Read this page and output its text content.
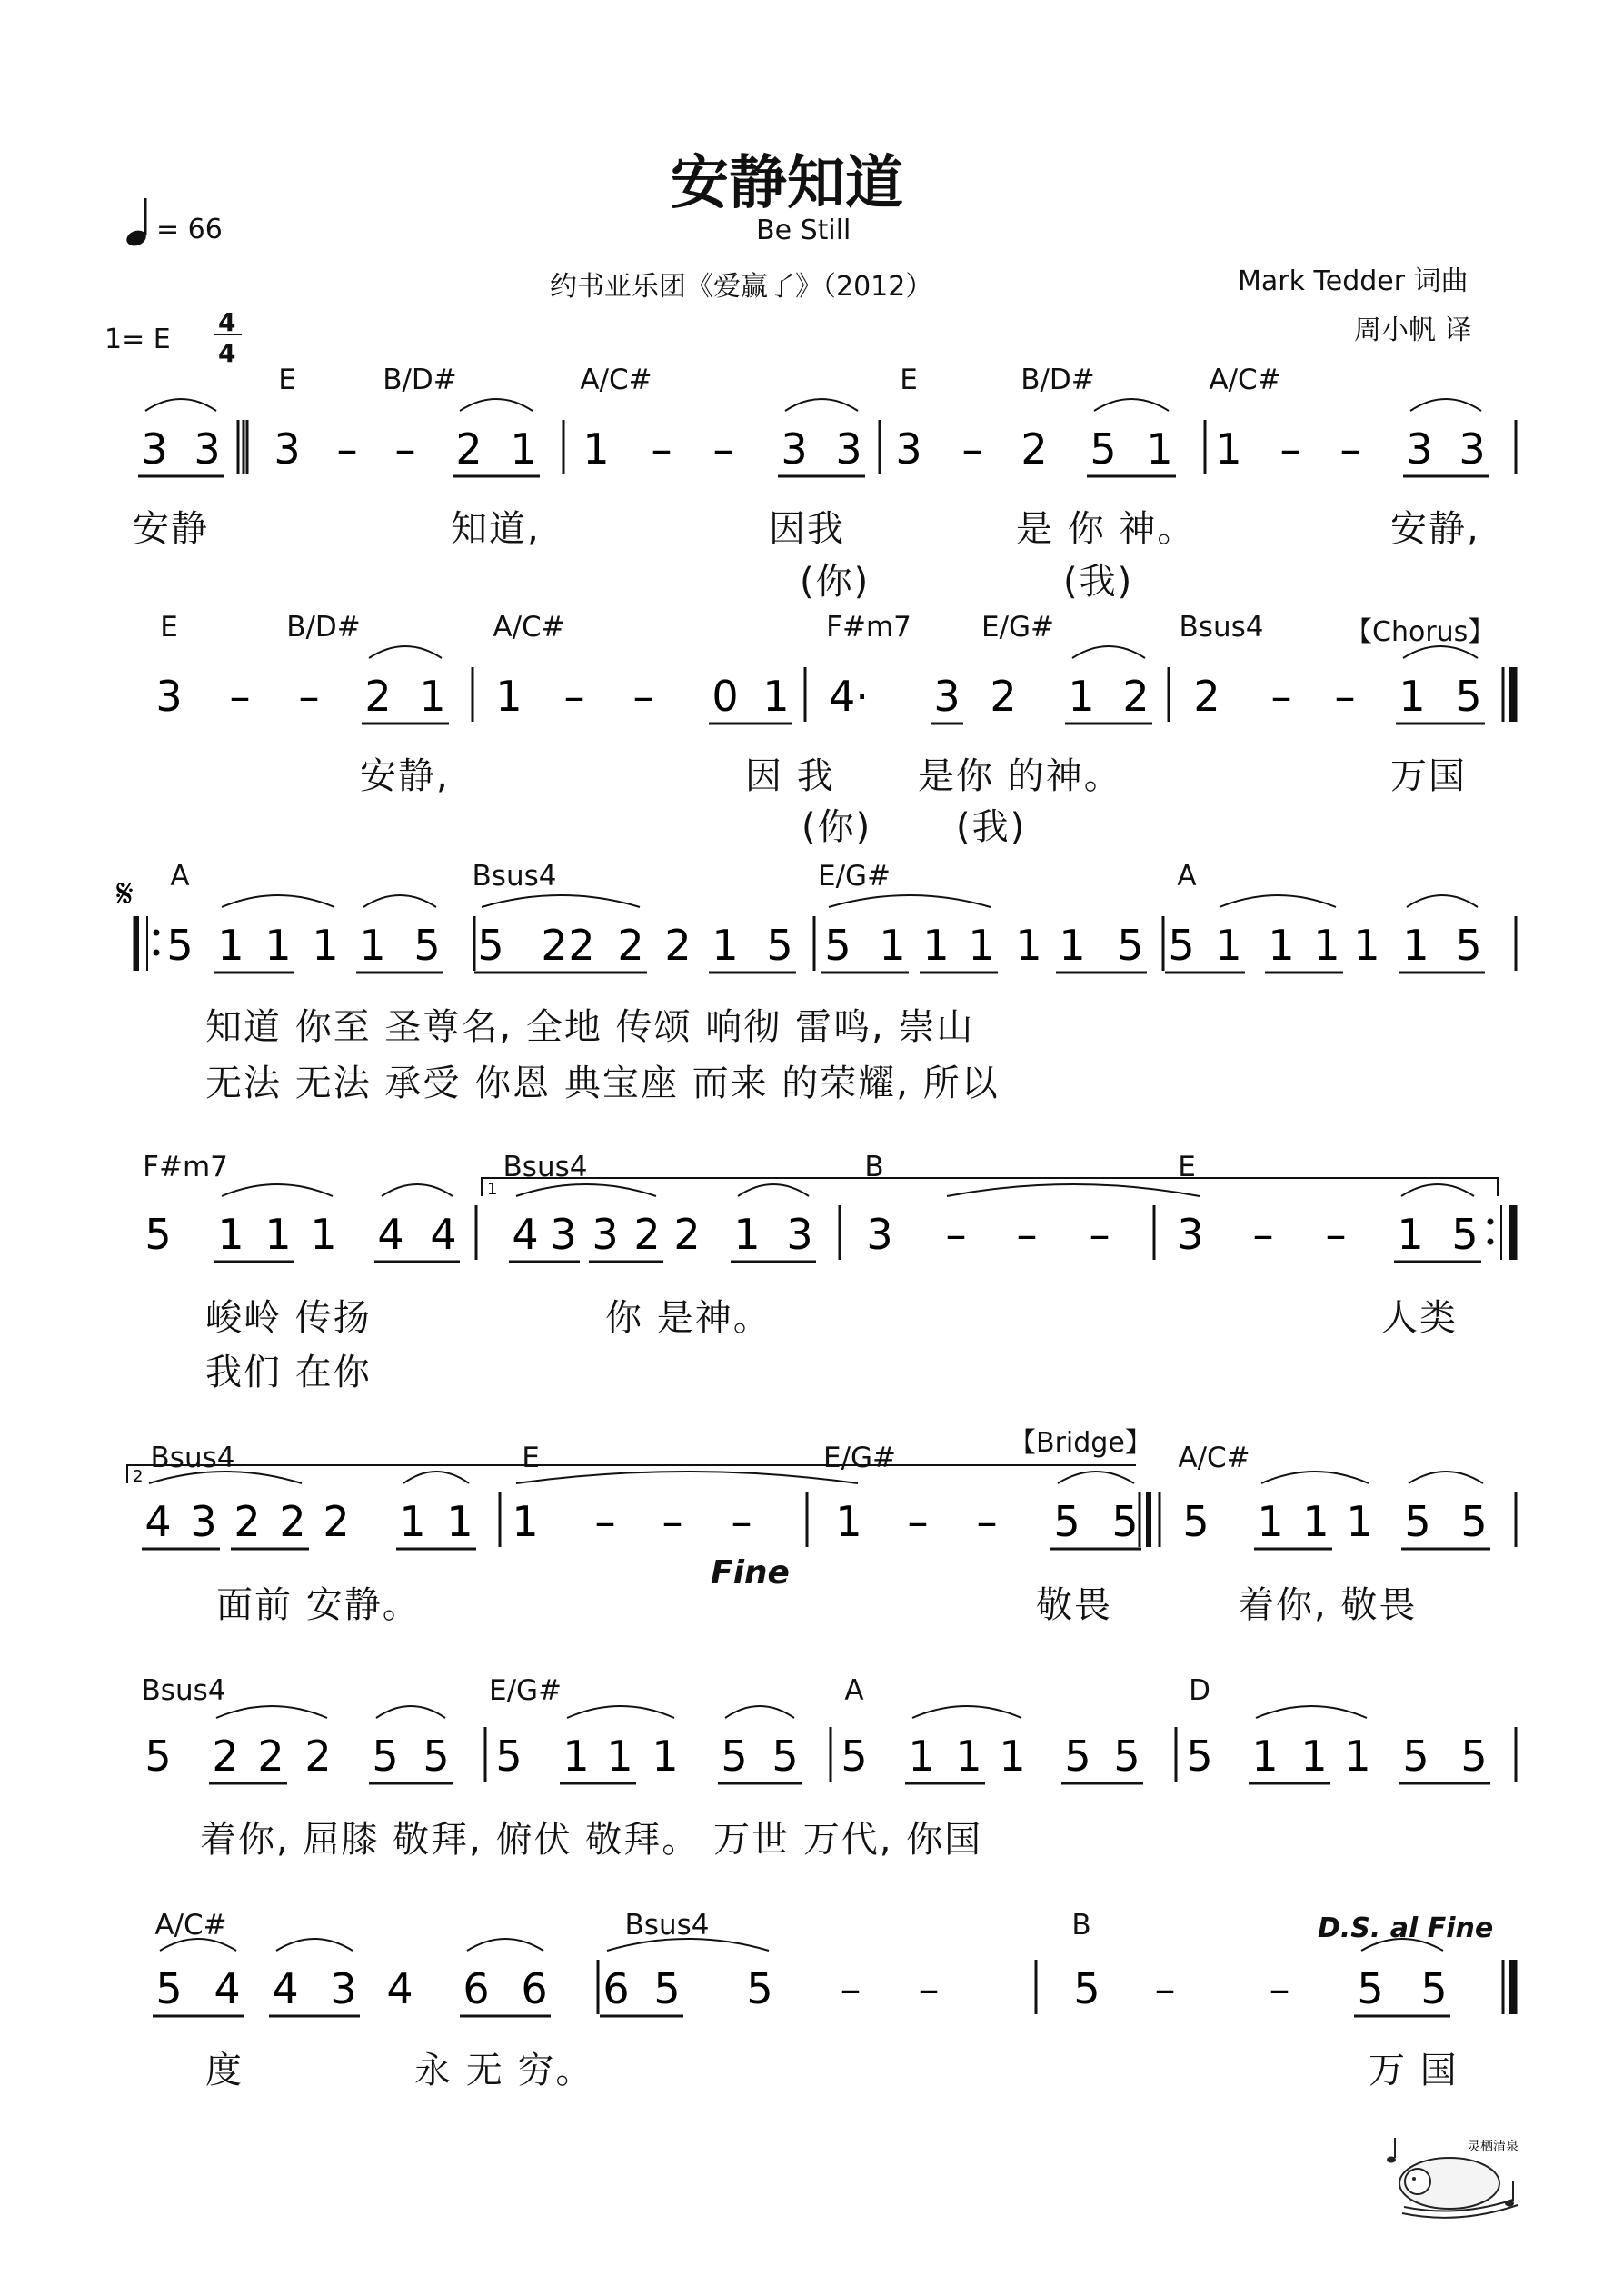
安静知道
Be Still
约书亚乐团《爱赢了》（2012）	Mark Tedder 词曲
周小帆 译
= 66
1= E
4
4
【Chorus】
【Bridge】
Fine
D.S. al Fine
E	B/D#	A/C#	E	B/D#	A/C#
E	B/D#	A/C#	F#m7 E/G#	Bsus4
A	Bsus4	E/G#	A
F#m7	Bsus4	B	E
Bsus4	E	E/G#	A/C#
Bsus4	E/G#	A	D
A/C#	Bsus4	B
安静	知道,	因我	是 你 神。	安静,
(你)	(我)
安静,	因 我 是你 的神。	万国
(你) (我)
知道 你至 圣尊名, 全地 传颂 响彻 雷鸣, 崇山
无法 无法 承受 你恩 典宝座 而来 的荣耀, 所以
峻岭 传扬	你 是神。	人类
我们 在你
面前 安静。	敬畏	着你, 敬畏
着你, 屈膝 敬拜, 俯伏 敬拜。 万世 万代, 你国
度	永 无 穷。	万 国
3 3 3 – – 2 1 1 – – 3 3 3 – 2 5 1 1 – – 3 3
3 – – 2 1 1 – – 0 1 4· 3 2 1 2 2 – – 1 5
5 1 1 1 1 5 5 2 2 2 2 1 5 5 1 1 1 1 1 5 5 1 1 1 1 1 5
5 1 1 1 4 4 4 3 3 2 2 1 3 3 – – – 3 – – 1 5
4 3 2 2 2 1 1 1 – – – 1 – – 5 5 5 1 1 1 5 5
5 2 2 2 5 5 5 1 1 1 5 5 5 1 1 1 5 5 5 1 1 1 5 5
5 4 4 3 4 6 6 6 5 5 – –	5 – – 5 5
𝄋
1
2
灵栖清泉
